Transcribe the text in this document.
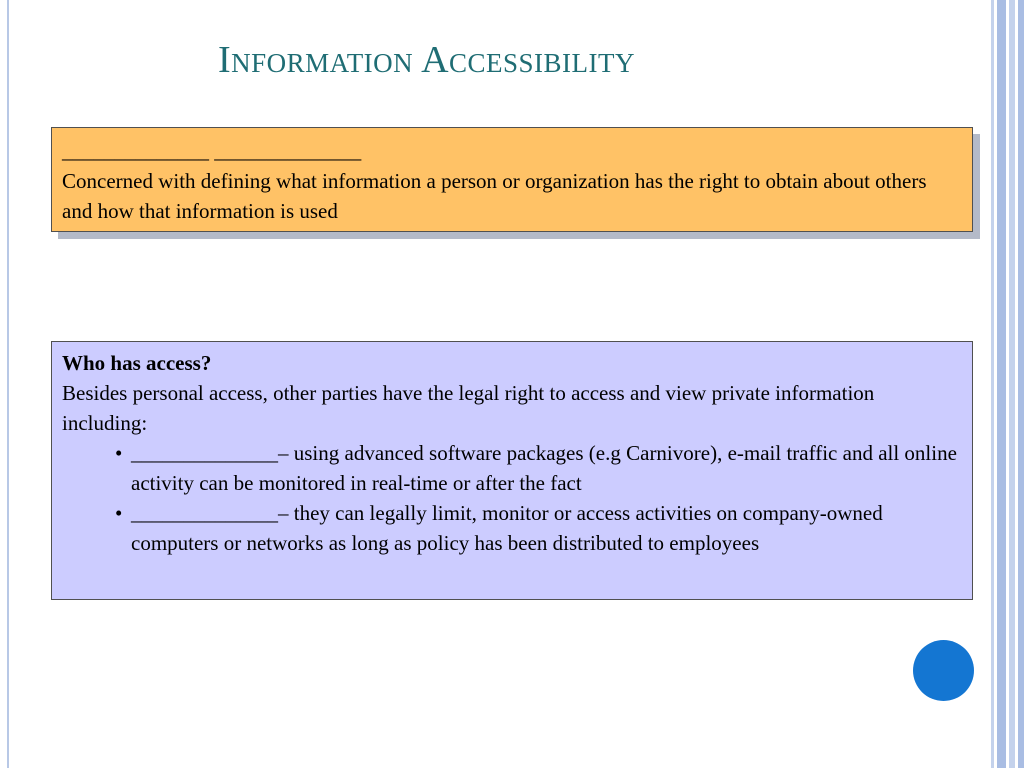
Information Accessibility
______________ ______________
Concerned with defining what information a person or organization has the right to obtain about others and how that information is used
Who has access?
Besides personal access, other parties have the legal right to access and view private information including:
• ______________– using advanced software packages (e.g Carnivore), e-mail traffic and all online activity can be monitored in real-time or after the fact
• ______________– they can legally limit, monitor or access activities on company-owned computers or networks as long as policy has been distributed to employees
